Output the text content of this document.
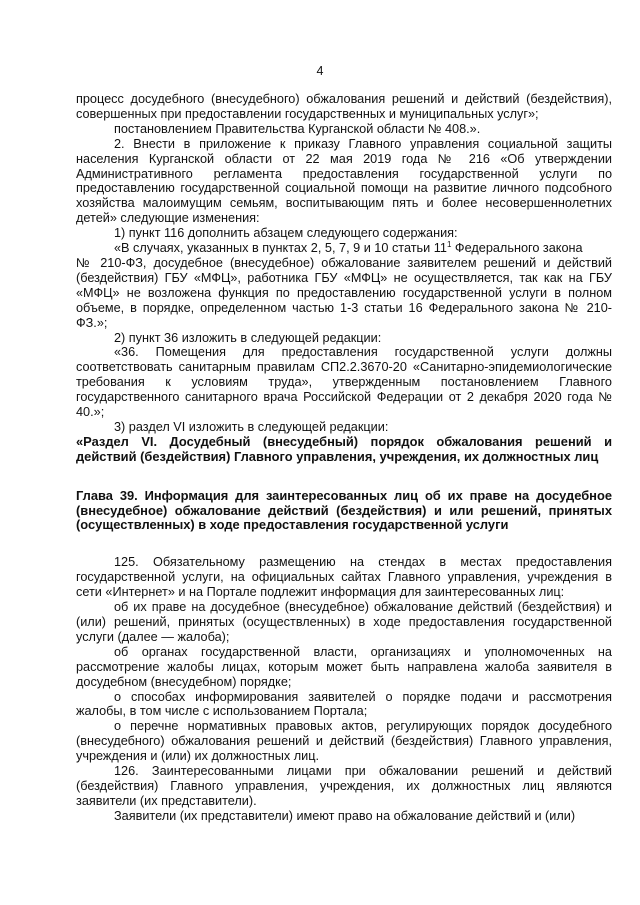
4

процесс досудебного (внесудебного) обжалования решений и действий (бездействия), совершенных при предоставлении государственных и муниципальных услуг»;

постановлением Правительства Курганской области № 408.».

2. Внести в приложение к приказу Главного управления социальной защиты населения Курганской области от 22 мая 2019 года № 216 «Об утверждении Административного регламента предоставления государственной услуги по предоставлению государственной социальной помощи на развитие личного подсобного хозяйства малоимущим семьям, воспитывающим пять и более несовершеннолетних детей» следующие изменения:

1) пункт 116 дополнить абзацем следующего содержания:

«В случаях, указанных в пунктах 2, 5, 7, 9 и 10 статьи $11^1$ Федерального закона

№ 210-ФЗ, досудебное (внесудебное) обжалование заявителем решений и действий (бездействия) ГБУ «МФЦ», работника ГБУ «МФЦ» не осуществляется, так как на ГБУ «МФЦ» не возложена функция по предоставлению государственной услуги в полном объеме, в порядке, определенном частью 1-3 статьи 16 Федерального закона № 210-ФЗ.»;

2) пункт 36 изложить в следующей редакции:

«36. Помещения для предоставления государственной услуги должны соответствовать санитарным правилам СП2.2.3670-20 «Санитарно-эпидемиологические требования к условиям труда», утвержденным постановлением Главного государственного санитарного врача Российской Федерации от 2 декабря 2020 года № 40.»;

3) раздел VI изложить в следующей редакции:

«Раздел VI. Досудебный (внесудебный) порядок обжалования решений и действий (бездействия) Главного управления, учреждения, их должностных лиц

Глава 39. Информация для заинтересованных лиц об их праве на досудебное (внесудебное) обжалование действий (бездействия) и или решений, принятых (осуществленных) в ходе предоставления государственной услуги

125. Обязательному размещению на стендах в местах предоставления государственной услуги, на официальных сайтах Главного управления, учреждения в сети «Интернет» и на Портале подлежит информация для заинтересованных лиц:

об их праве на досудебное (внесудебное) обжалование действий (бездействия) и (или) решений, принятых (осуществленных) в ходе предоставления государственной услуги (далее — жалоба);

об органах государственной власти, организациях и уполномоченных на рассмотрение жалобы лицах, которым может быть направлена жалоба заявителя в досудебном (внесудебном) порядке;

о способах информирования заявителей о порядке подачи и рассмотрения жалобы, в том числе с использованием Портала;

о перечне нормативных правовых актов, регулирующих порядок досудебного (внесудебного) обжалования решений и действий (бездействия) Главного управления, учреждения и (или) их должностных лиц.

126. Заинтересованными лицами при обжаловании решений и действий (бездействия) Главного управления, учреждения, их должностных лиц являются заявители (их представители).

Заявители (их представители) имеют право на обжалование действий и (или)
